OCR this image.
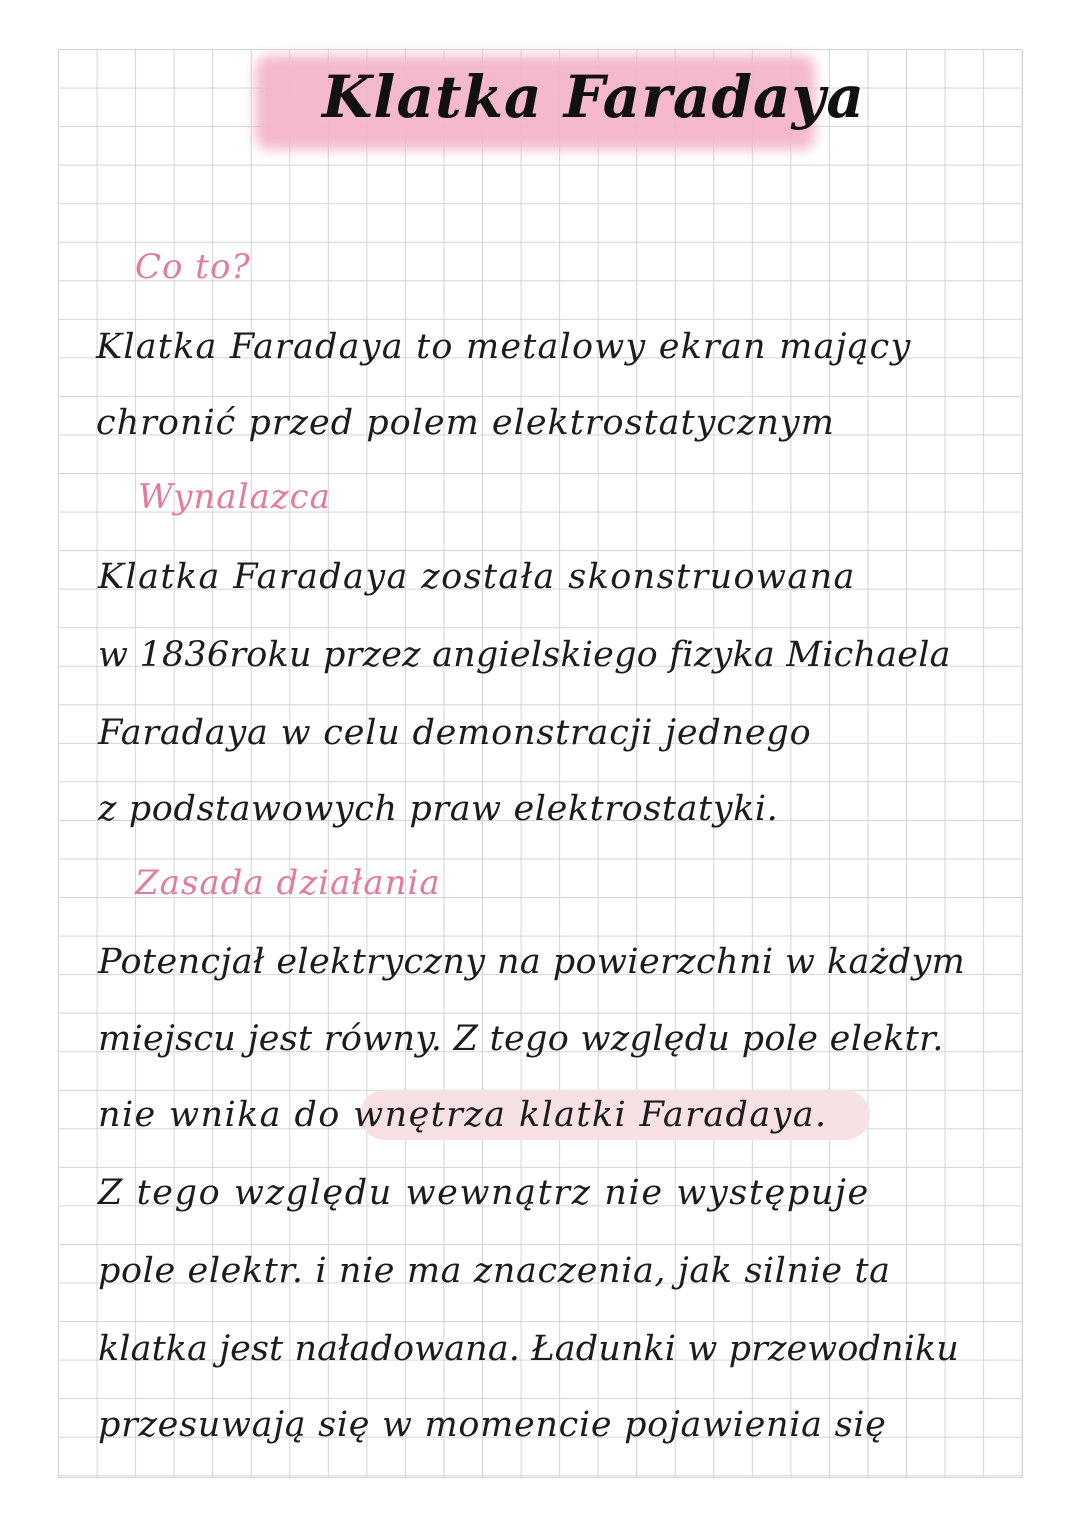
Klatka Faradaya
Co to?
Klatka Faradaya to metalowy ekran mający
chronić przed polem elektrostatycznym
Wynalazca
Klatka Faradaya została skonstruowana
w 1836roku przez angielskiego fizyka Michaela
Faradaya w celu demonstracji jednego
z podstawowych praw elektrostatyki.
Zasada działania
Potencjał elektryczny na powierzchni w każdym
miejscu jest równy. Z tego względu pole elektr.
nie wnika do wnętrza klatki Faradaya.
Z tego względu wewnątrz nie występuje
pole elektr. i nie ma znaczenia, jak silnie ta
klatka jest naładowana. Ładunki w przewodniku
przesuwają się w momencie pojawienia się
